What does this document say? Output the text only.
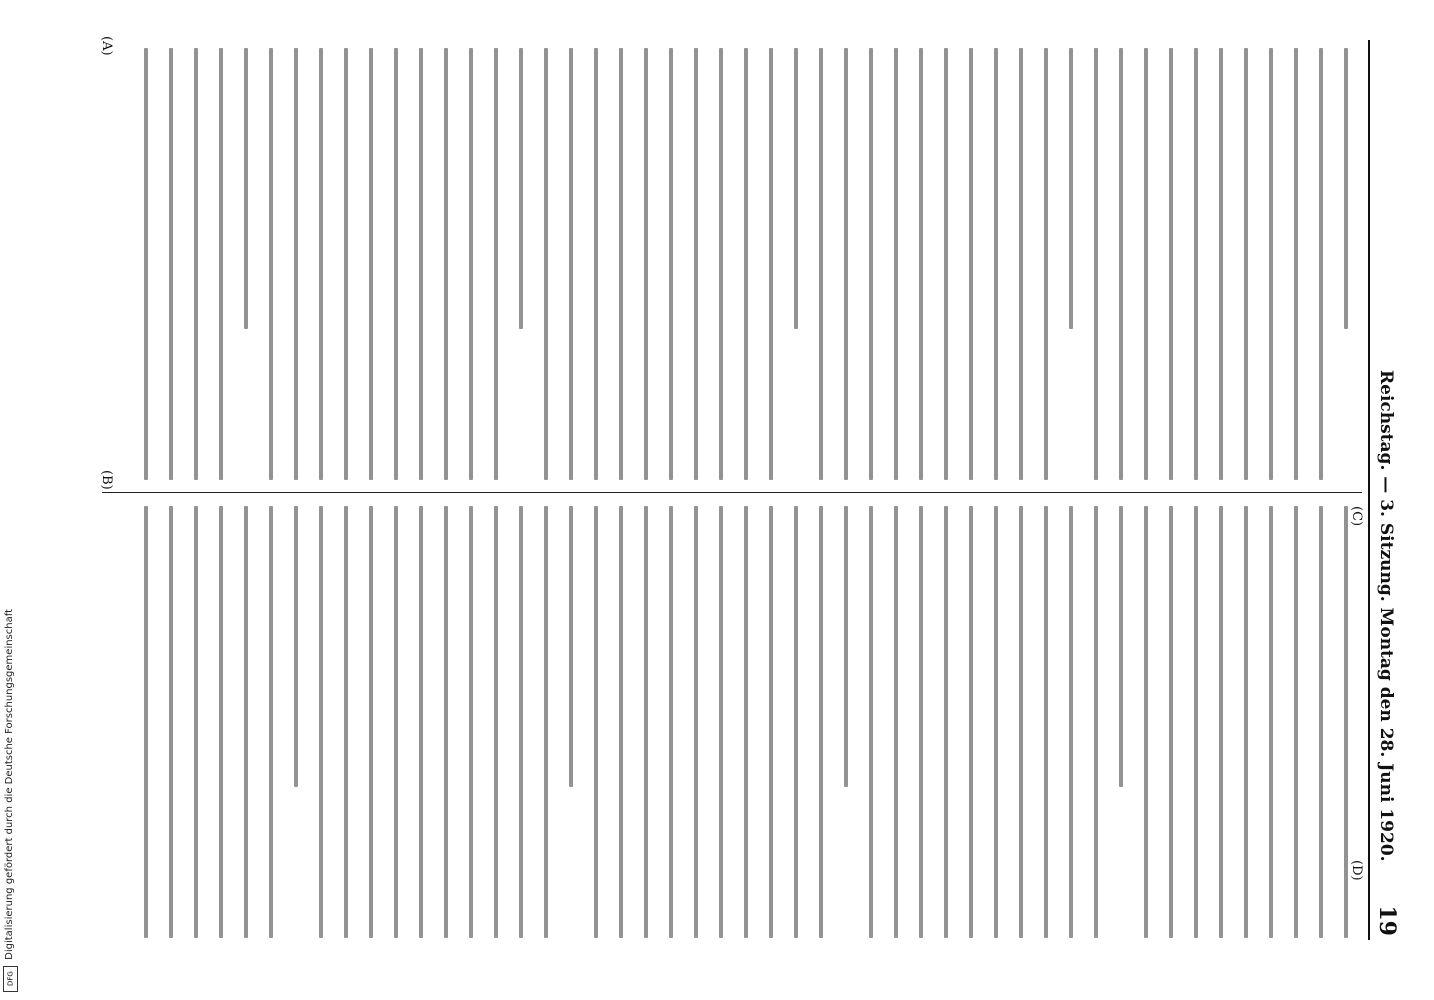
Digitalisierung gefördert durch die Deutsche Forschungsgemeinschaft
DFG
Reichstag. — 3. Sitzung. Montag den 28. Juni 1920.
19
(A)
(B)
(C)
(D)
